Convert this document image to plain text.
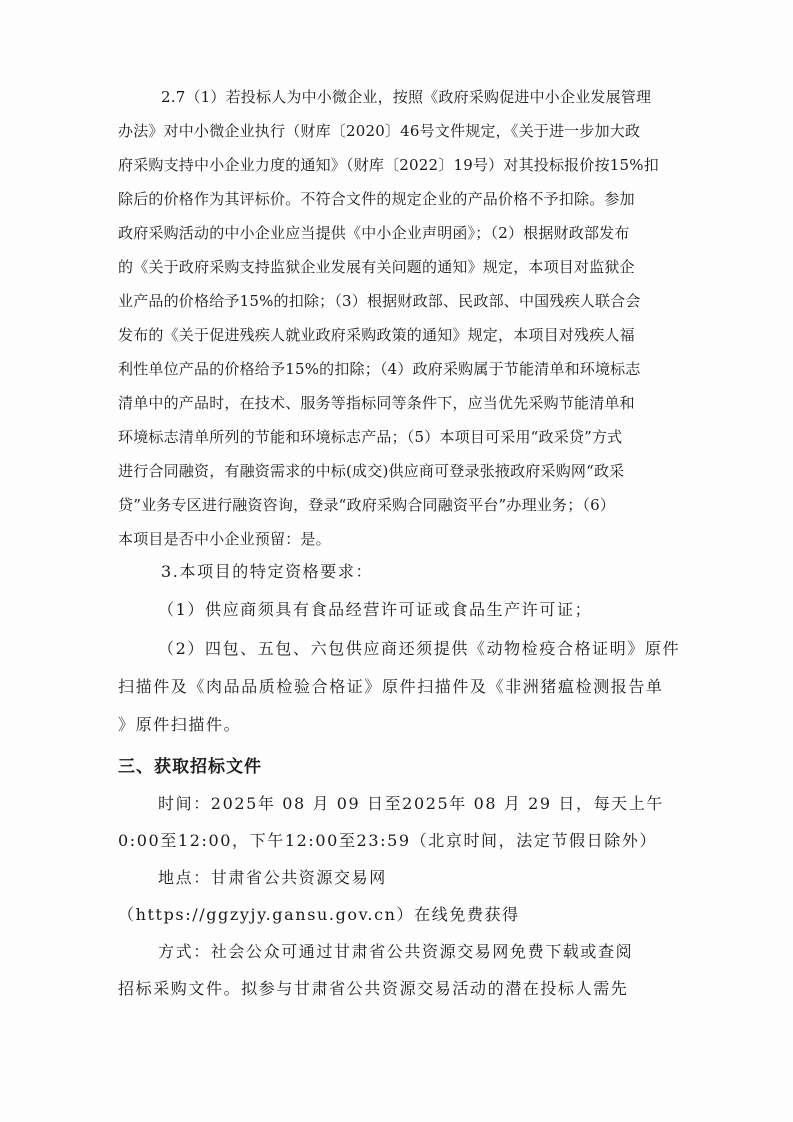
2.7（1）若投标人为中小微企业，按照《政府采购促进中小企业发展管理

办法》对中小微企业执行（财库〔2020〕46号文件规定，《关于进一步加大政

府采购支持中小企业力度的通知》（财库〔2022〕19号）对其投标报价按15%扣

除后的价格作为其评标价。不符合文件的规定企业的产品价格不予扣除。参加

政府采购活动的中小企业应当提供《中小企业声明函》；（2）根据财政部发布

的《关于政府采购支持监狱企业发展有关问题的通知》规定，本项目对监狱企

业产品的价格给予15%的扣除；（3）根据财政部、民政部、中国残疾人联合会

发布的《关于促进残疾人就业政府采购政策的通知》规定，本项目对残疾人福

利性单位产品的价格给予15%的扣除；（4）政府采购属于节能清单和环境标志

清单中的产品时，在技术、服务等指标同等条件下，应当优先采购节能清单和

环境标志清单所列的节能和环境标志产品；（5）本项目可采用“政采贷”方式

进行合同融资，有融资需求的中标(成交)供应商可登录张掖政府采购网“政采

贷”业务专区进行融资咨询，登录“政府采购合同融资平台”办理业务；（6）

本项目是否中小企业预留：是。

3.本项目的特定资格要求：

（1）供应商须具有食品经营许可证或食品生产许可证；

（2）四包、五包、六包供应商还须提供《动物检疫合格证明》原件

扫描件及《肉品品质检验合格证》原件扫描件及《非洲猪瘟检测报告单

》原件扫描件。

三、获取招标文件

时间：2025年 08 月 09 日至2025年 08 月 29 日，每天上午

0:00至12:00，下午12:00至23:59（北京时间，法定节假日除外）

地点：甘肃省公共资源交易网

（https://ggzyjy.gansu.gov.cn）在线免费获得

方式：社会公众可通过甘肃省公共资源交易网免费下载或查阅

招标采购文件。拟参与甘肃省公共资源交易活动的潜在投标人需先
